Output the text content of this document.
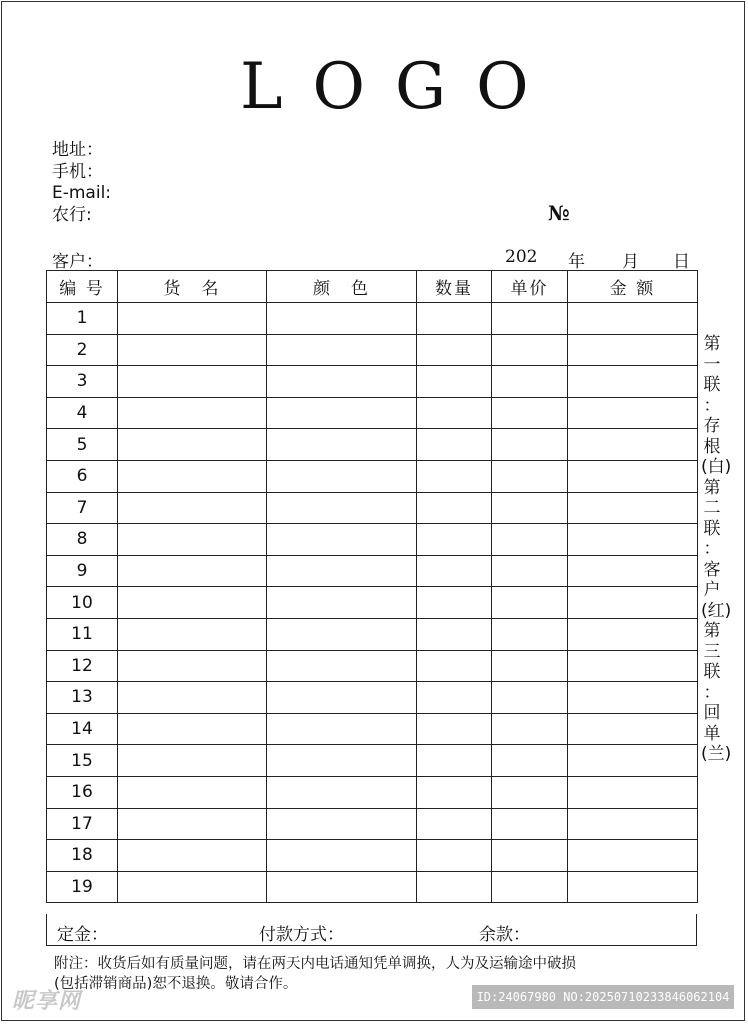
LOGO
地址：
手机：
E-mail:
农行:	№
客户：	202 年 月 日
编 号	货　名	颜　色	数量	单价	金 额
1					
2					
3					
4					
5					
6					
7					
8					
9					
10					
11					
12					
13					
14					
15					
16					
17					
18					
19					
定金：	付款方式：	余款：
附注：收货后如有质量问题，请在两天内电话通知凭单调换，人为及运输途中破损
(包括滞销商品)恕不退换。敬请合作。
第
一
联
：
存
根
(白)
第
二
联
：
客
户
(红)
第
三
联
：
回
单
(兰)
昵享网	ID:24067980 NO:20250710233846062104
